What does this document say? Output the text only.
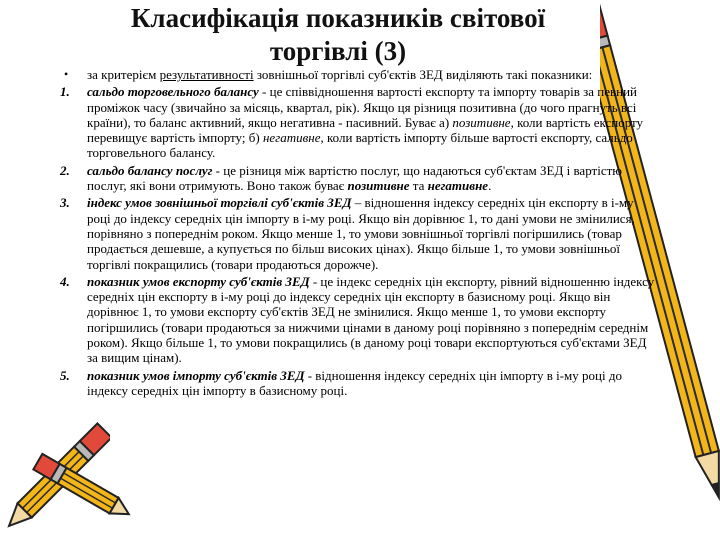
Класифікація показників світової торгівлі (3)
•	за критерієм результативності зовнішньої торгівлі суб'єктів ЗЕД виділяють такі показники:
1.	сальдо торговельного балансу - це співвідношення вартості експорту та імпорту товарів за певний проміжок часу (звичайно за місяць, квартал, рік). Якщо ця різниця позитивна (до чого прагнуть всі країни), то баланс активний, якщо негативна - пасивний. Буває а) позитивне, коли вартість експорту перевищує вартість імпорту; б) негативне, коли вартість імпорту більше вартості експорту, сальдо торговельного балансу.
2.	сальдо балансу послуг - це різниця між вартістю послуг, що надаються суб'єктам ЗЕД і вартістю послуг, які вони отримують. Воно також буває позитивне та негативне.
3.	індекс умов зовнішньої торгівлі суб'єктів ЗЕД – відношення індексу середніх цін експорту в і-му році до індексу середніх цін імпорту в і-му році. Якщо він дорівнює 1, то дані умови не змінилися, порівняно з попереднім роком. Якщо менше 1, то умови зовнішньої торгівлі погіршились (товар продається дешевше, а купується по більш високих цінах). Якщо більше 1, то умови зовнішньої торгівлі покращились (товари продаються дорожче).
4.	показник умов експорту суб'єктів ЗЕД - це індекс середніх цін експорту, рівний відношенню індексу середніх цін експорту в і-му році до індексу середніх цін експорту в базисному році. Якщо він дорівнює 1, то умови експорту суб'єктів ЗЕД не змінилися. Якщо менше 1, то умови експорту погіршились (товари продаються за нижчими цінами в даному році порівняно з попереднім середнім роком). Якщо більше 1, то умови покращились (в даному році товари експортуються суб'єктами ЗЕД за вищим цінам).
5.	показник умов імпорту суб'єктів ЗЕД - відношення індексу середніх цін імпорту в і-му році до індексу середніх цін імпорту в базисному році.
